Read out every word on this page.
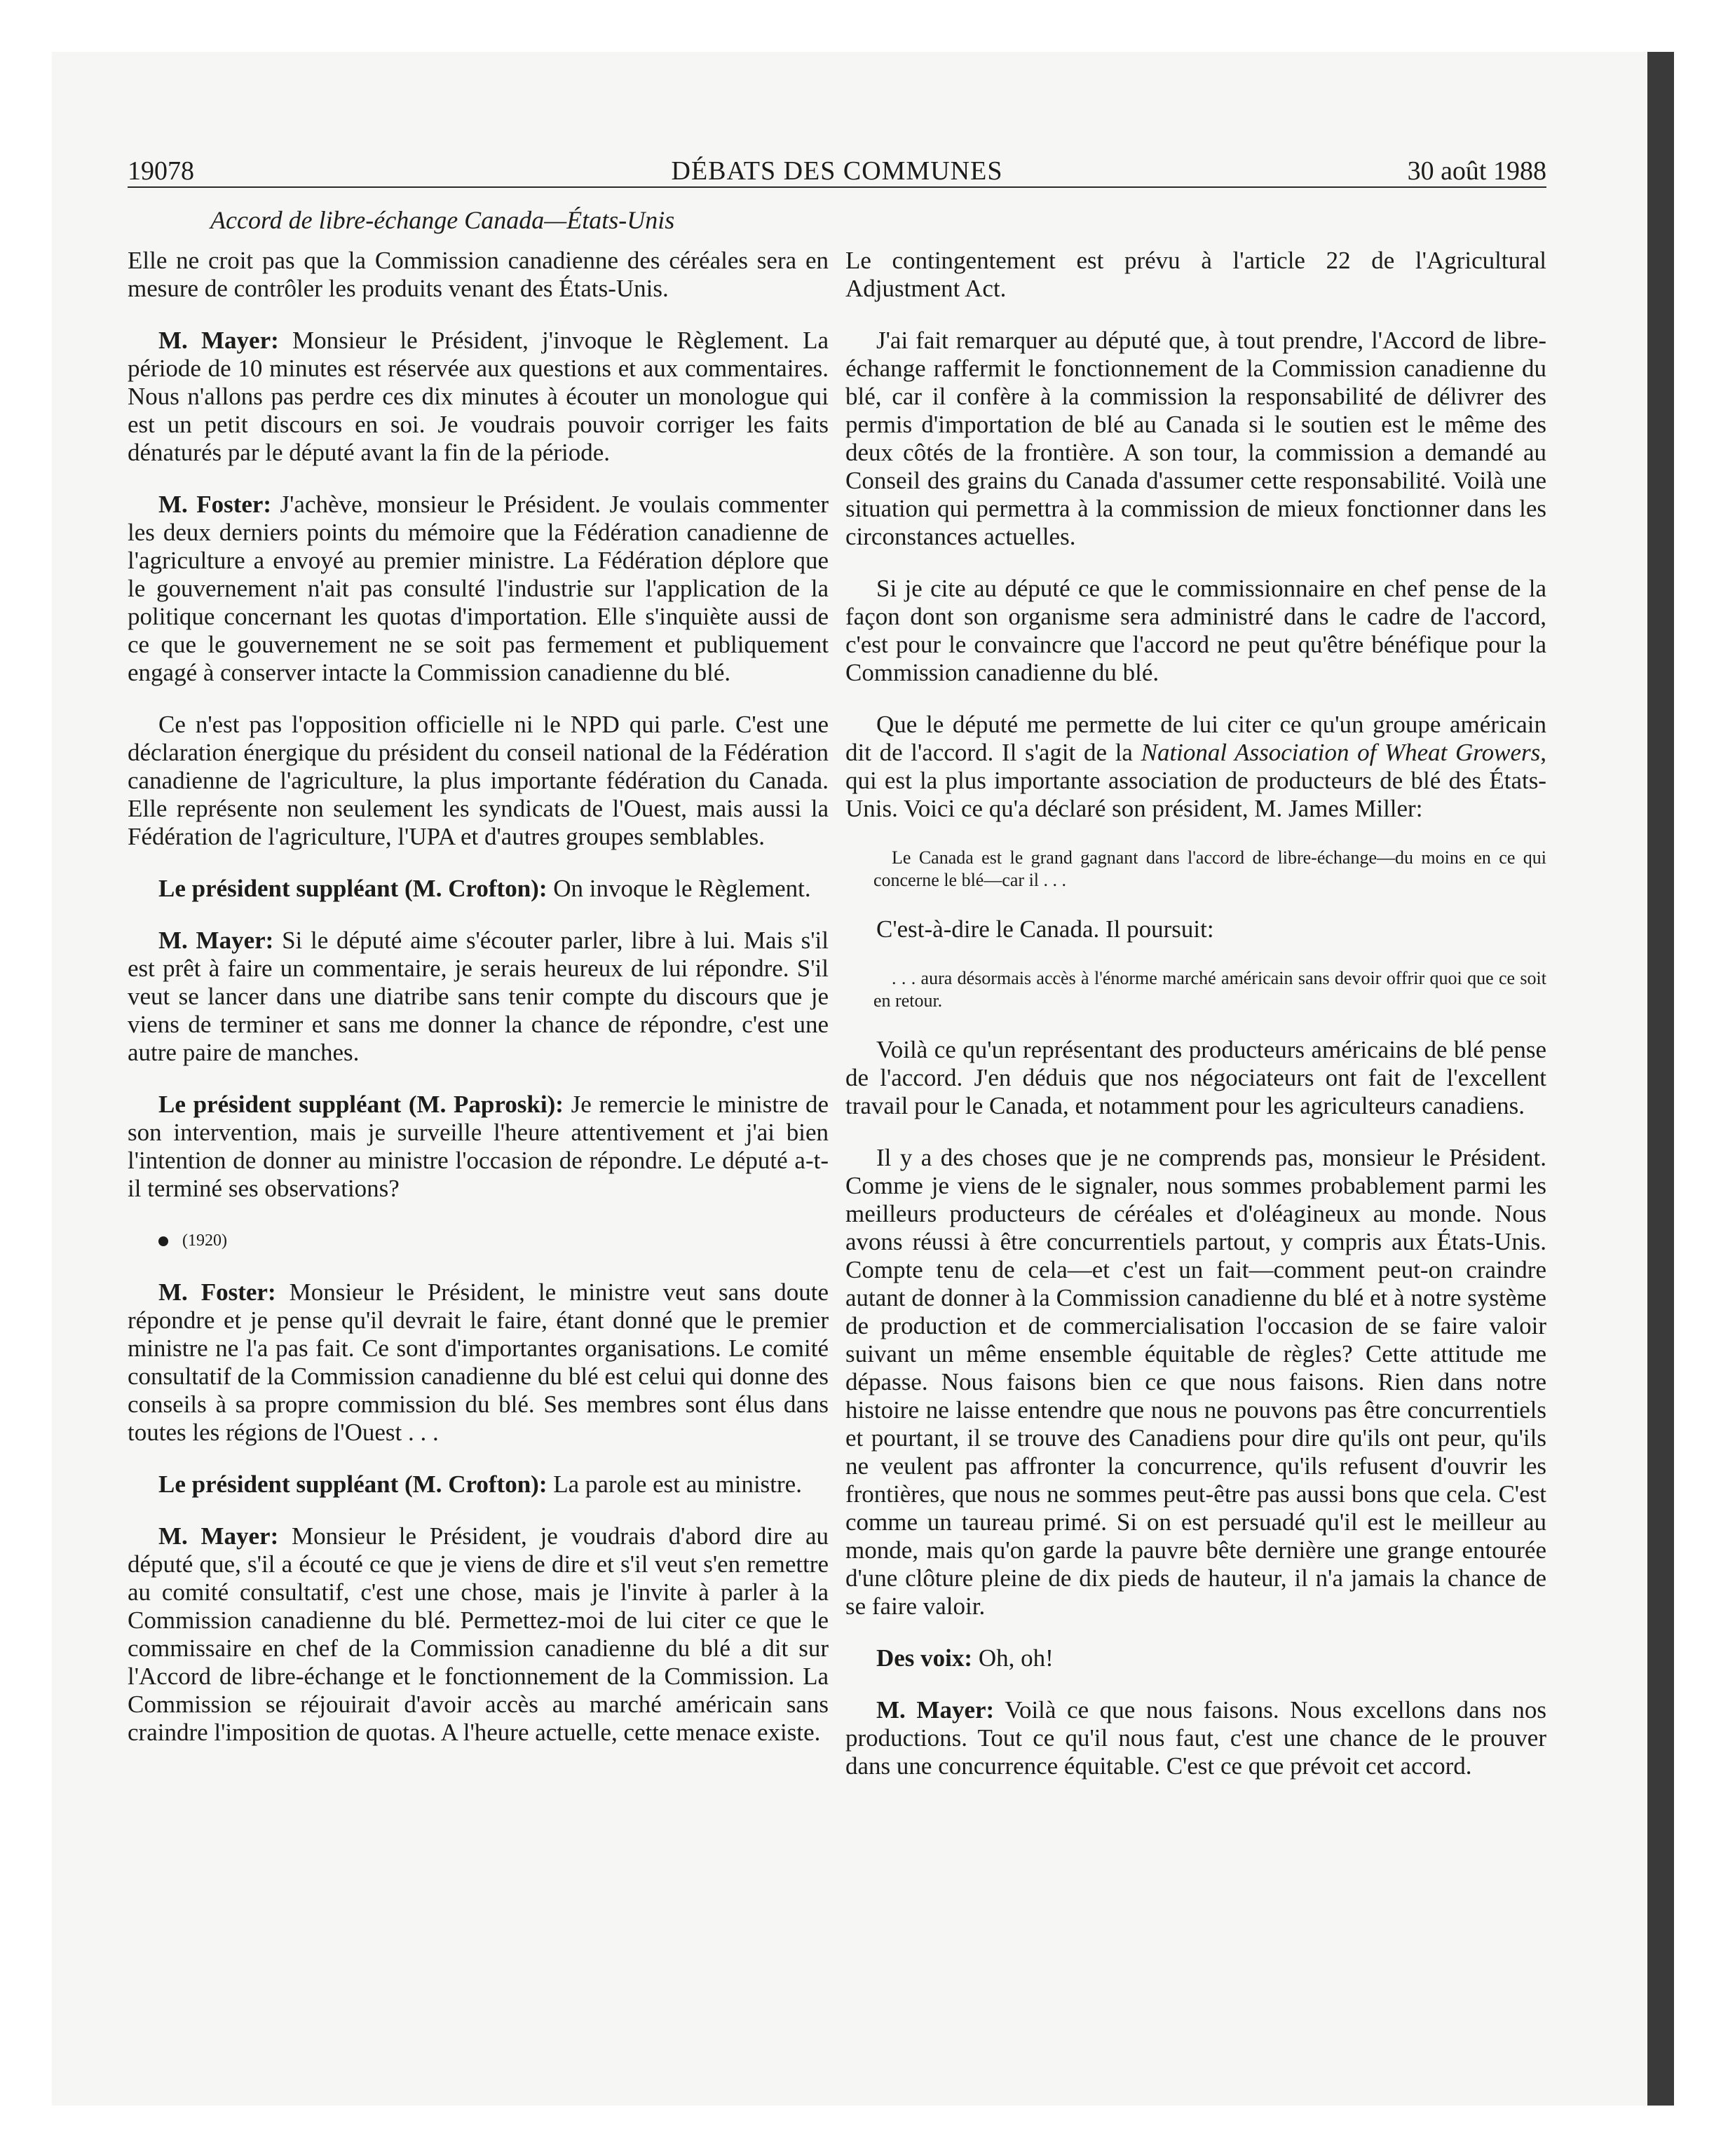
19078	DÉBATS DES COMMUNES	30 août 1988
Accord de libre-échange Canada—États-Unis

Elle ne croit pas que la Commission canadienne des céréales sera en mesure de contrôler les produits venant des États-Unis.

M. Mayer: Monsieur le Président, j'invoque le Règlement. La période de 10 minutes est réservée aux questions et aux commentaires. Nous n'allons pas perdre ces dix minutes à écouter un monologue qui est un petit discours en soi. Je voudrais pouvoir corriger les faits dénaturés par le député avant la fin de la période.

M. Foster: J'achève, monsieur le Président. Je voulais commenter les deux derniers points du mémoire que la Fédération canadienne de l'agriculture a envoyé au premier ministre. La Fédération déplore que le gouvernement n'ait pas consulté l'industrie sur l'application de la politique concernant les quotas d'importation. Elle s'inquiète aussi de ce que le gouvernement ne se soit pas fermement et publiquement engagé à conserver intacte la Commission canadienne du blé.

Ce n'est pas l'opposition officielle ni le NPD qui parle. C'est une déclaration énergique du président du conseil national de la Fédération canadienne de l'agriculture, la plus importante fédération du Canada. Elle représente non seulement les syndicats de l'Ouest, mais aussi la Fédération de l'agriculture, l'UPA et d'autres groupes semblables.

Le président suppléant (M. Crofton): On invoque le Règlement.

M. Mayer: Si le député aime s'écouter parler, libre à lui. Mais s'il est prêt à faire un commentaire, je serais heureux de lui répondre. S'il veut se lancer dans une diatribe sans tenir compte du discours que je viens de terminer et sans me donner la chance de répondre, c'est une autre paire de manches.

Le président suppléant (M. Paproski): Je remercie le ministre de son intervention, mais je surveille l'heure attentivement et j'ai bien l'intention de donner au ministre l'occasion de répondre. Le député a-t-il terminé ses observations?

(1920)

M. Foster: Monsieur le Président, le ministre veut sans doute répondre et je pense qu'il devrait le faire, étant donné que le premier ministre ne l'a pas fait. Ce sont d'importantes organisations. Le comité consultatif de la Commission canadienne du blé est celui qui donne des conseils à sa propre commission du blé. Ses membres sont élus dans toutes les régions de l'Ouest . . .

Le président suppléant (M. Crofton): La parole est au ministre.

M. Mayer: Monsieur le Président, je voudrais d'abord dire au député que, s'il a écouté ce que je viens de dire et s'il veut s'en remettre au comité consultatif, c'est une chose, mais je l'invite à parler à la Commission canadienne du blé. Permettez-moi de lui citer ce que le commissaire en chef de la Commission canadienne du blé a dit sur l'Accord de libre-échange et le fonctionnement de la Commission. La Commission se réjouirait d'avoir accès au marché américain sans craindre l'imposition de quotas. A l'heure actuelle, cette menace existe.

Le contingentement est prévu à l'article 22 de l'Agricultural Adjustment Act.

J'ai fait remarquer au député que, à tout prendre, l'Accord de libre-échange raffermit le fonctionnement de la Commission canadienne du blé, car il confère à la commission la responsabilité de délivrer des permis d'importation de blé au Canada si le soutien est le même des deux côtés de la frontière. A son tour, la commission a demandé au Conseil des grains du Canada d'assumer cette responsabilité. Voilà une situation qui permettra à la commission de mieux fonctionner dans les circonstances actuelles.

Si je cite au député ce que le commissionnaire en chef pense de la façon dont son organisme sera administré dans le cadre de l'accord, c'est pour le convaincre que l'accord ne peut qu'être bénéfique pour la Commission canadienne du blé.

Que le député me permette de lui citer ce qu'un groupe américain dit de l'accord. Il s'agit de la National Association of Wheat Growers, qui est la plus importante association de producteurs de blé des États-Unis. Voici ce qu'a déclaré son président, M. James Miller:

Le Canada est le grand gagnant dans l'accord de libre-échange—du moins en ce qui concerne le blé—car il . . .

C'est-à-dire le Canada. Il poursuit:

. . . aura désormais accès à l'énorme marché américain sans devoir offrir quoi que ce soit en retour.

Voilà ce qu'un représentant des producteurs américains de blé pense de l'accord. J'en déduis que nos négociateurs ont fait de l'excellent travail pour le Canada, et notamment pour les agriculteurs canadiens.

Il y a des choses que je ne comprends pas, monsieur le Président. Comme je viens de le signaler, nous sommes probablement parmi les meilleurs producteurs de céréales et d'oléagineux au monde. Nous avons réussi à être concurrentiels partout, y compris aux États-Unis. Compte tenu de cela—et c'est un fait—comment peut-on craindre autant de donner à la Commission canadienne du blé et à notre système de production et de commercialisation l'occasion de se faire valoir suivant un même ensemble équitable de règles? Cette attitude me dépasse. Nous faisons bien ce que nous faisons. Rien dans notre histoire ne laisse entendre que nous ne pouvons pas être concurrentiels et pourtant, il se trouve des Canadiens pour dire qu'ils ont peur, qu'ils ne veulent pas affronter la concurrence, qu'ils refusent d'ouvrir les frontières, que nous ne sommes peut-être pas aussi bons que cela. C'est comme un taureau primé. Si on est persuadé qu'il est le meilleur au monde, mais qu'on garde la pauvre bête dernière une grange entourée d'une clôture pleine de dix pieds de hauteur, il n'a jamais la chance de se faire valoir.

Des voix: Oh, oh!

M. Mayer: Voilà ce que nous faisons. Nous excellons dans nos productions. Tout ce qu'il nous faut, c'est une chance de le prouver dans une concurrence équitable. C'est ce que prévoit cet accord.
